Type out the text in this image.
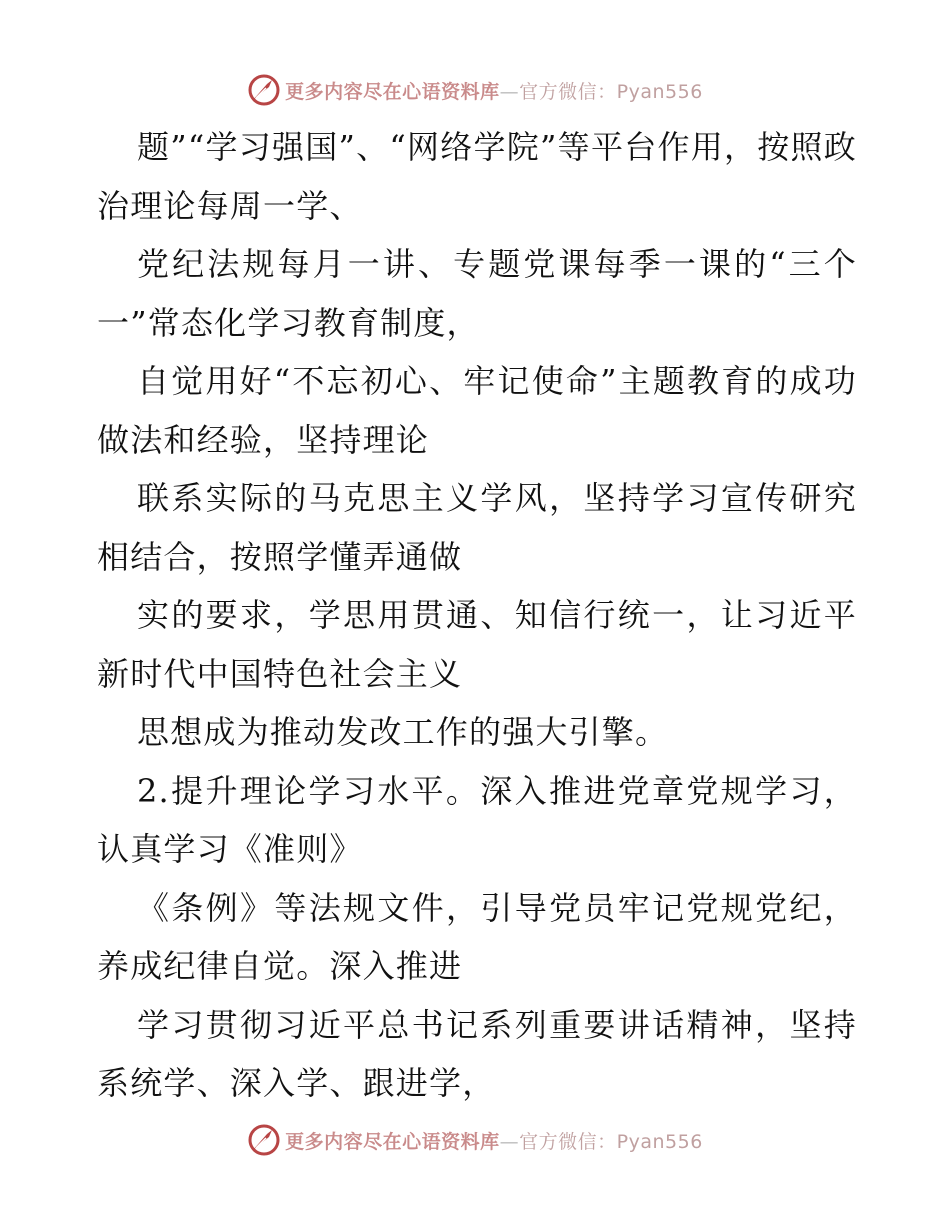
更多内容尽在心语资料库—官方微信：Pyan556

题”“学习强国”、“网络学院”等平台作用，按照政治理论每周一学、

党纪法规每月一讲、专题党课每季一课的“三个一”常态化学习教育制度，

自觉用好“不忘初心、牢记使命”主题教育的成功做法和经验，坚持理论

联系实际的马克思主义学风，坚持学习宣传研究相结合，按照学懂弄通做

实的要求，学思用贯通、知信行统一，让习近平新时代中国特色社会主义

思想成为推动发改工作的强大引擎。

2.提升理论学习水平。深入推进党章党规学习，认真学习《准则》

《条例》等法规文件，引导党员牢记党规党纪，养成纪律自觉。深入推进

学习贯彻习近平总书记系列重要讲话精神，坚持系统学、深入学、跟进学，

更多内容尽在心语资料库—官方微信：Pyan556
